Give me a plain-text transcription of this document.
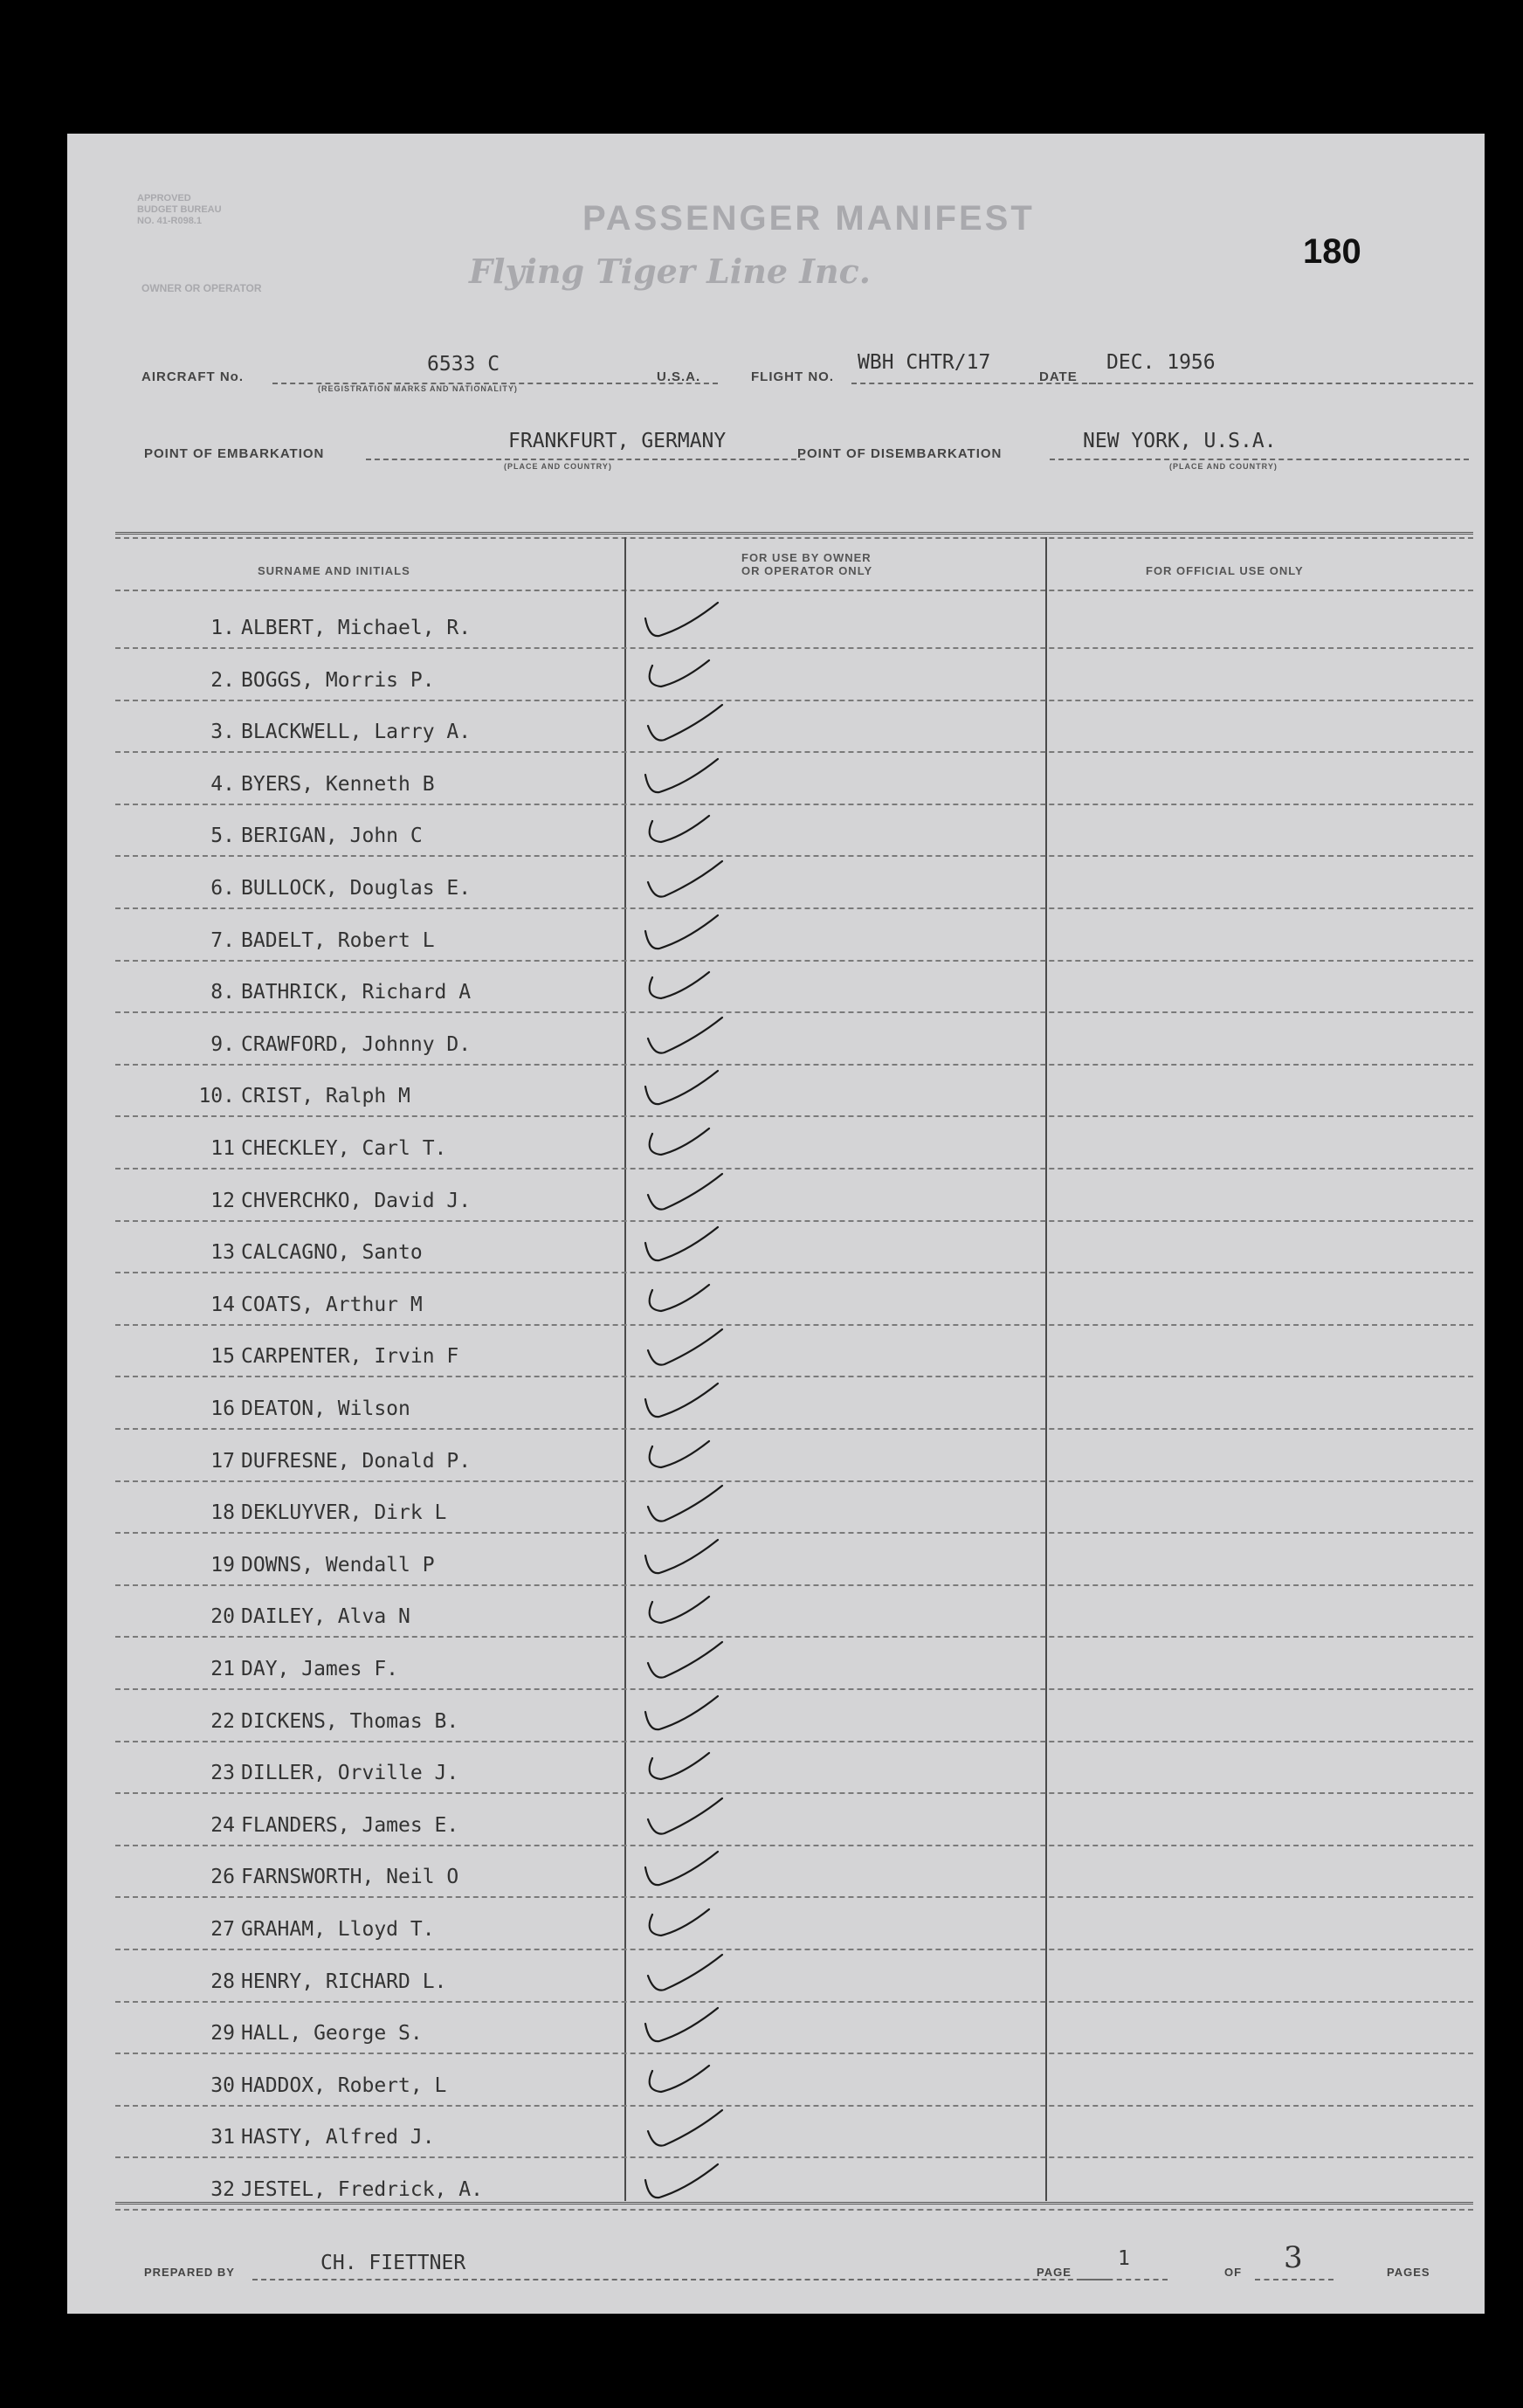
180
APPROVED
BUDGET BUREAU
NO. 41-R098.1	PASSENGER MANIFEST
Flying Tiger Line Inc.
OWNER OR OPERATOR
AIRCRAFT No.
6533 C
(REGISTRATION MARKS AND NATIONALITY)
U.S.A.	FLIGHT NO.
WBH CHTR/17
DATE
DEC. 1956
POINT OF EMBARKATION
FRANKFURT, GERMANY
(PLACE AND COUNTRY)
POINT OF DISEMBARKATION
NEW YORK, U.S.A.
(PLACE AND COUNTRY)
SURNAME AND INITIALS
FOR USE BY OWNER
OR OPERATOR ONLY	FOR OFFICIAL USE ONLY
1. ALBERT, Michael, R.
2. BOGGS, Morris P.
3. BLACKWELL, Larry A.
4. BYERS, Kenneth B
5. BERIGAN, John C
6. BULLOCK, Douglas E.
7. BADELT, Robert L
8. BATHRICK, Richard A
9. CRAWFORD, Johnny D.
10. CRIST, Ralph M
11 CHECKLEY, Carl T.
12 CHVERCHKO, David J.
13 CALCAGNO, Santo
14 COATS, Arthur M
15 CARPENTER, Irvin F
16 DEATON, Wilson
17 DUFRESNE, Donald P.
18 DEKLUYVER, Dirk L
19 DOWNS, Wendall P
20 DAILEY, Alva N
21 DAY, James F.
22 DICKENS, Thomas B.
23 DILLER, Orville J.
24 FLANDERS, James E.
26 FARNSWORTH, Neil O
27 GRAHAM, Lloyd T.
28 HENRY, RICHARD L.
29 HALL, George S.
30 HADDOX, Robert, L
31 HASTY, Alfred J.
32 JESTEL, Fredrick, A.
PREPARED BY	CH. FIETTNER	PAGE
1
OF 3	PAGES
